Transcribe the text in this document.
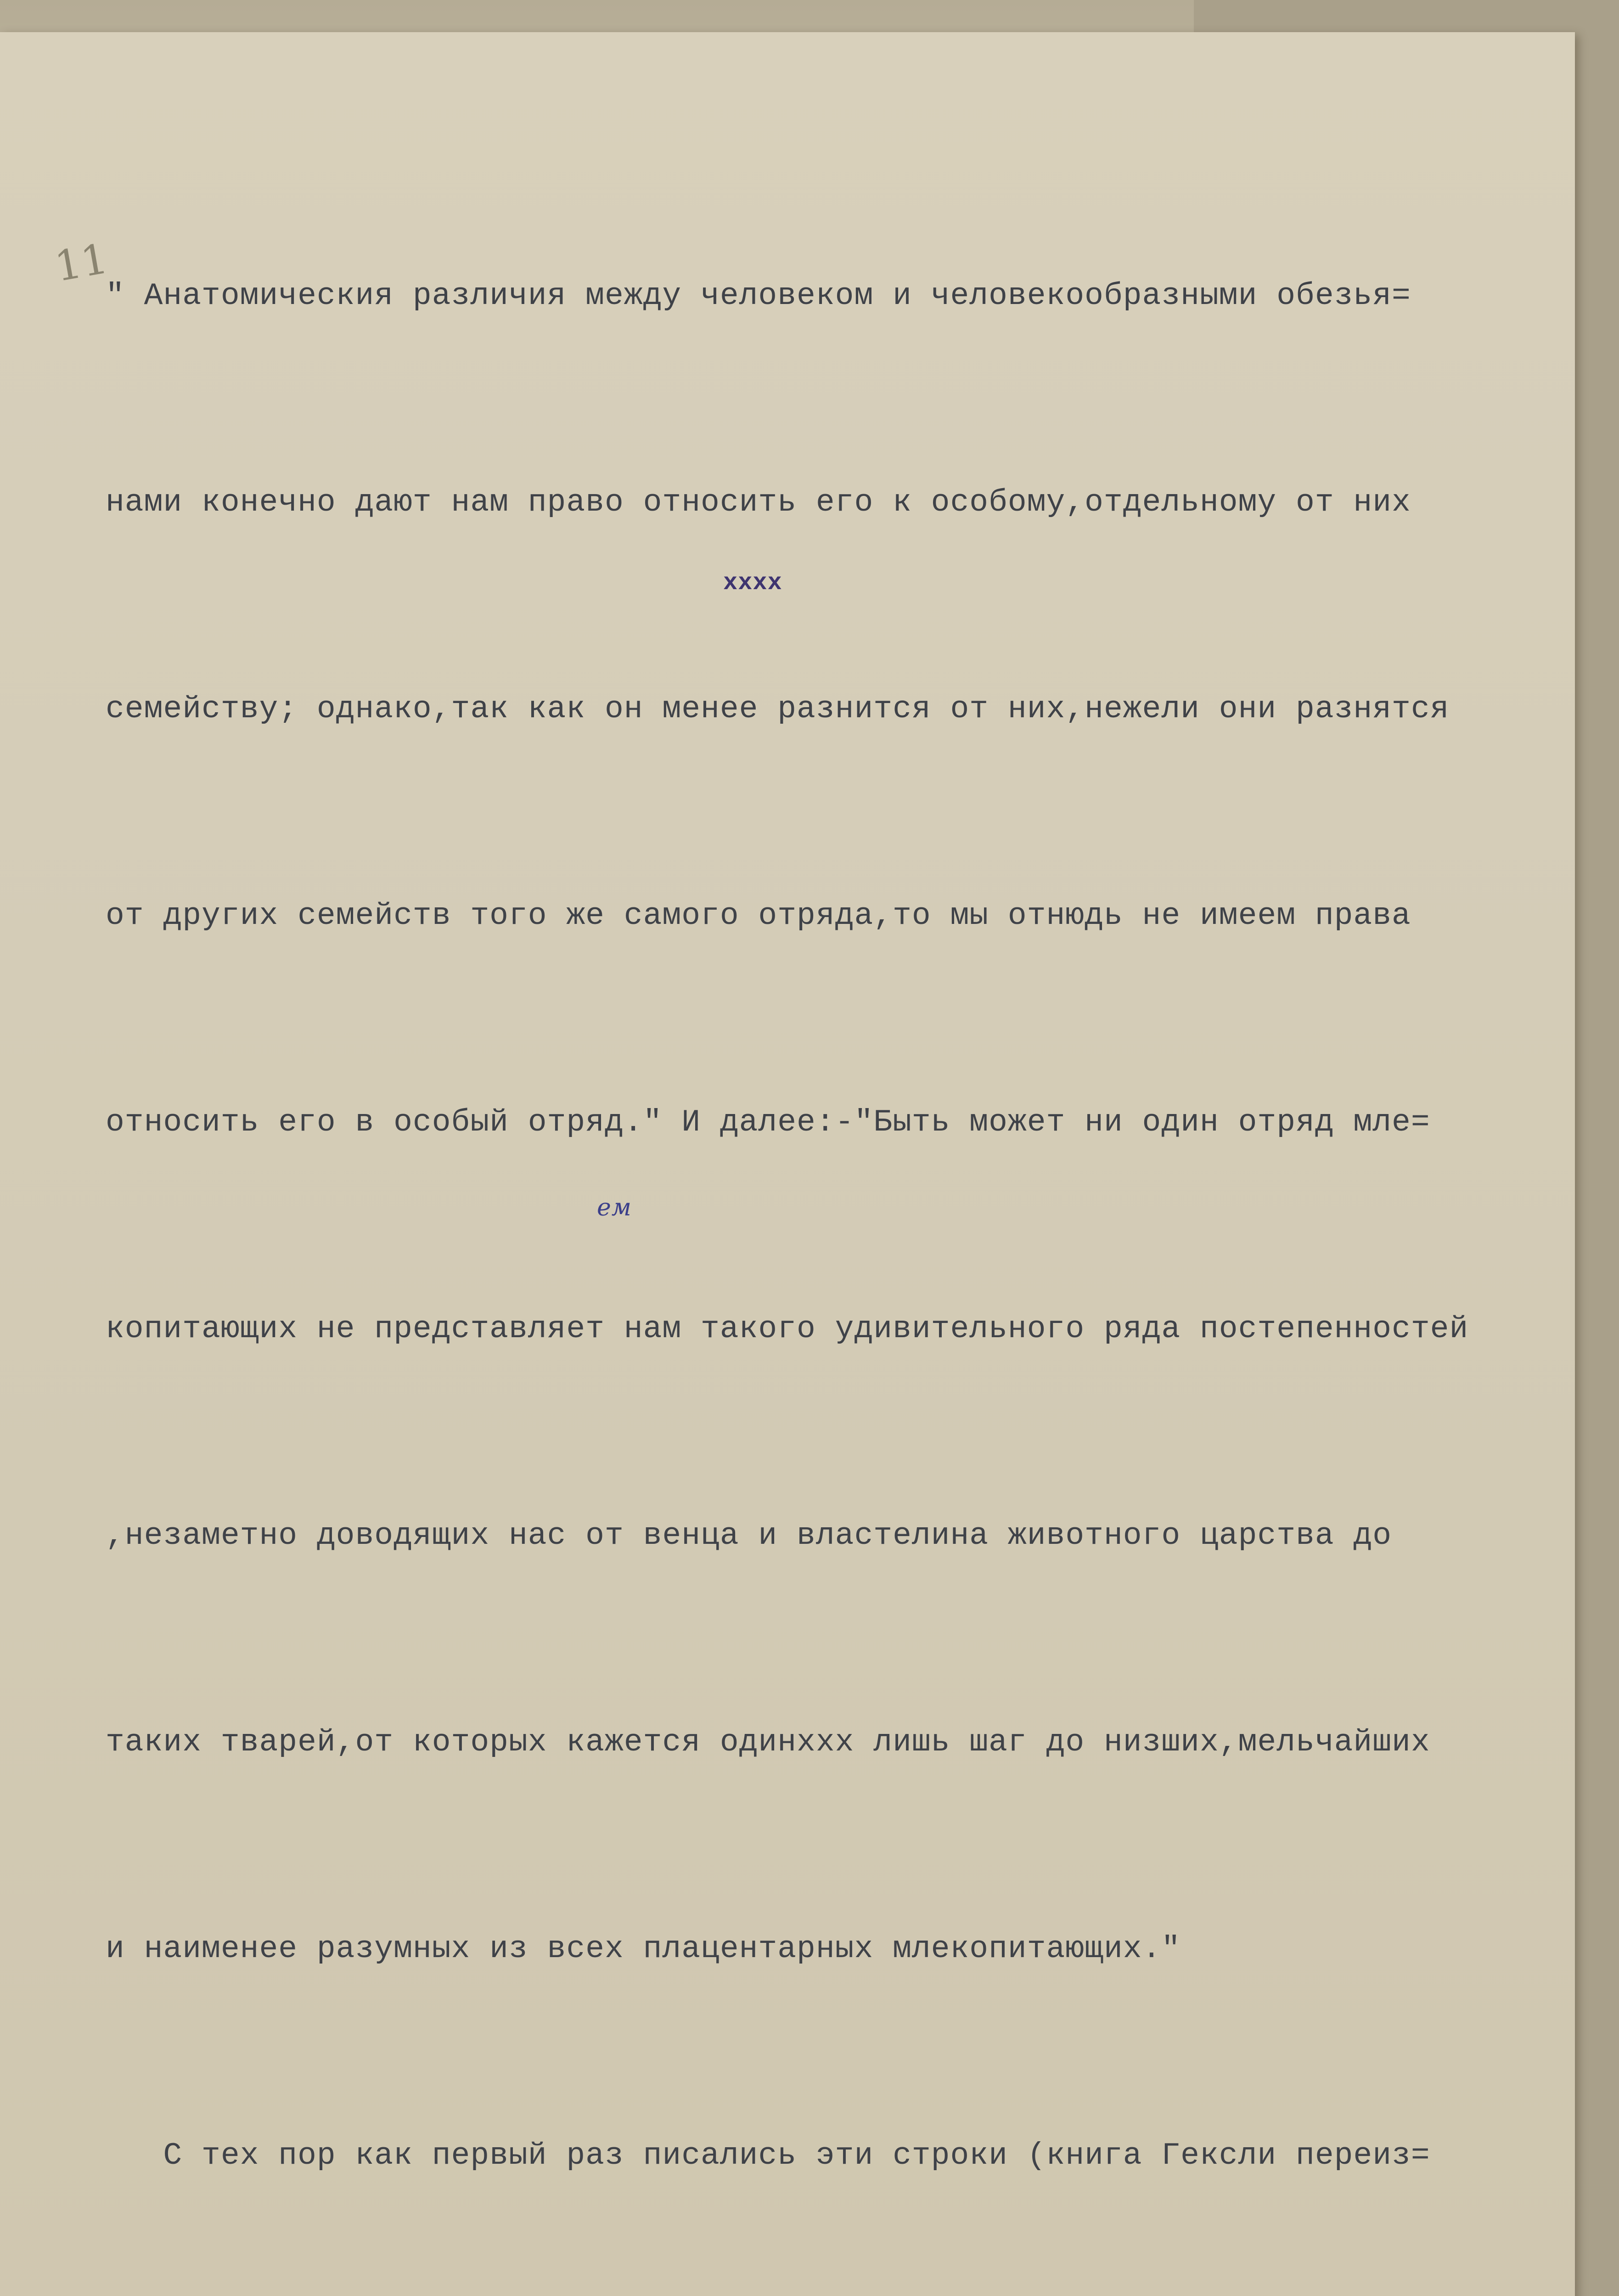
11

" Анатомическия различия между человеком и человекообразными обезья=

нами конечно дают нам право относить его к особому,отдельному от них

семейству; однако,так как он менее разнится от них,нежели они разнятся

от других семейств того же самого отряда,то мы отнюдь не имеем права

относить его в особый отряд." И далее:-"Быть может ни один отряд мле=

копитающих не представляет нам такого удивительного ряда постепенностей

,незаметно доводящих нас от венца и властелина животного царства до

таких тварей,от которых кажется одинххх лишь шаг до низших,мельчайших

и наименее разумных из всех плацентарных млекопитающих."

С тех пор как первый раз писались эти строки (книга Гексли переиз=

хххх
ем
